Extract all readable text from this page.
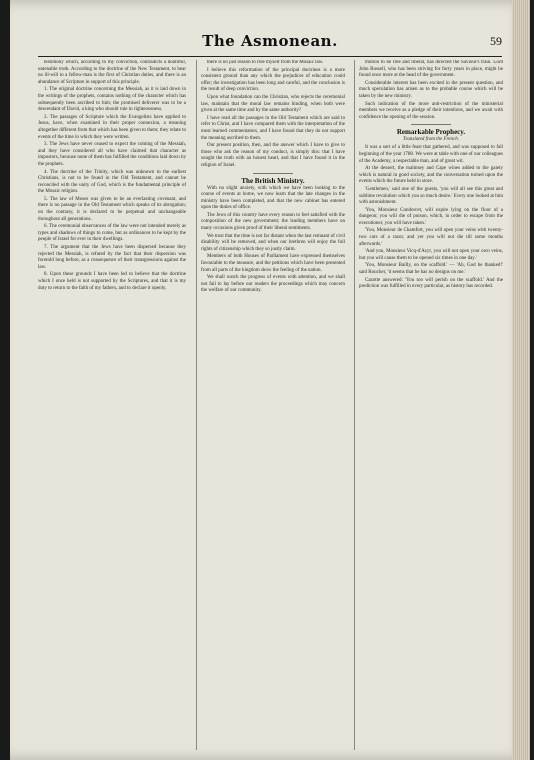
The Asmonean.	59

testimony which, according to my conviction, contradicts a doubtful, untenable truth. According to the doctrine of the New Testament, to bear no ill-will to a fellow-man is the first of Christian duties, and there is an abundance of Scripture in support of this principle.

1. The original doctrine concerning the Messiah, as it is laid down in the writings of the prophets, contains nothing of the character which has subsequently been ascribed to him; the promised deliverer was to be a descendant of David, a king who should rule in righteousness.

2. The passages of Scripture which the Evangelists have applied to Jesus, have, when examined in their proper connexion, a meaning altogether different from that which has been given to them; they relate to events of the time in which they were written.

3. The Jews have never ceased to expect the coming of the Messiah, and they have considered all who have claimed that character as impostors, because none of them has fulfilled the conditions laid down by the prophets.

4. The doctrine of the Trinity, which was unknown to the earliest Christians, is not to be found in the Old Testament, and cannot be reconciled with the unity of God, which is the fundamental principle of the Mosaic religion.

5. The law of Moses was given to be an everlasting covenant, and there is no passage in the Old Testament which speaks of its abrogation; on the contrary, it is declared to be perpetual and unchangeable throughout all generations.

6. The ceremonial observances of the law were not intended merely as types and shadows of things to come, but as ordinances to be kept by the people of Israel for ever in their dwellings.

7. The argument that the Jews have been dispersed because they rejected the Messiah, is refuted by the fact that their dispersion was foretold long before, as a consequence of their transgressions against the law.

8. Upon these grounds I have been led to believe that the doctrine which I once held is not supported by the Scriptures, and that it is my duty to return to the faith of my fathers, and to declare it openly.

there is no just reason to free myself from the Mosaic law.

I believe this reformation of the principal doctrines is a more consistent ground than any which the prejudices of education could offer; the investigation has been long and careful, and the conclusion is the result of deep conviction.

Upon what foundation can the Christian, who rejects the ceremonial law, maintain that the moral law remains binding, when both were given at the same time and by the same authority?

I have read all the passages in the Old Testament which are said to refer to Christ, and I have compared them with the interpretation of the most learned commentators, and I have found that they do not support the meaning ascribed to them.

Our present position, then, and the answer which I have to give to those who ask the reason of my conduct, is simply this: that I have sought the truth with an honest heart, and that I have found it in the religion of Israel.

The British Ministry.

With no slight anxiety, with which we have been looking to the course of events at home, we now learn that the late changes in the ministry have been completed, and that the new cabinet has entered upon the duties of office.

The Jews of this country have every reason to feel satisfied with the composition of the new government; the leading members have on many occasions given proof of their liberal sentiments.

We trust that the time is not far distant when the last remnant of civil disability will be removed, and when our brethren will enjoy the full rights of citizenship which they so justly claim.

Members of both Houses of Parliament have expressed themselves favourable to the measure, and the petitions which have been presented from all parts of the kingdom show the feeling of the nation.

We shall watch the progress of events with attention, and we shall not fail to lay before our readers the proceedings which may concern the welfare of our community.

motion to be free and liberal, has directed the Saviour's train. Lord John Russell, who has been striving for forty years in place, might be found once more at the head of the government.

Considerable interest has been excited in the present question, and much speculation has arisen as to the probable course which will be taken by the new ministry.

Such indication of the more anti-restriction of the ministerial members we receive as a pledge of their intentions, and we await with confidence the opening of the session.

Remarkable Prophecy.
Translated from the French.

It was a sort of a little feast that gathered, and was supposed to fall beginning of the year 1788. We were at table with one of our colleagues of the Academy, a respectable man, and of great wit.

At the dessert, the malmsey and Cape wines added to the gaiety which is natural in good society, and the conversation turned upon the events which the future held in store.

'Gentlemen,' said one of the guests, 'you will all see this great and sublime revolution which you so much desire.' Every one looked at him with astonishment.

'You, Monsieur Condorcet, will expire lying on the floor of a dungeon; you will die of poison, which, in order to escape from the executioner, you will have taken.'

'You, Monsieur de Chamfort, you will open your veins with twenty-two cuts of a razor, and yet you will not die till some months afterwards.'

'And you, Monsieur Vicq-d'Azyr, you will not open your own veins, but you will cause them to be opened six times in one day.'

'You, Monsieur Bailly, on the scaffold.' — 'Ah, God be thanked!' said Roucher, 'it seems that he has no designs on me.'

Cazotte answered: 'You too will perish on the scaffold.' And the prediction was fulfilled in every particular, as history has recorded.
